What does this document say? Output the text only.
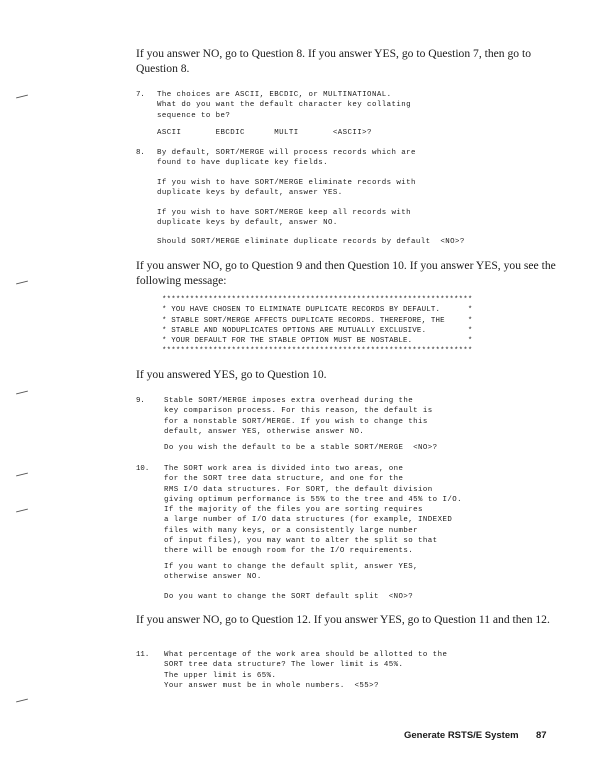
If you answer NO, go to Question 8. If you answer YES, go to Question 7, then go to Question 8.

7. The choices are ASCII, EBCDIC, or MULTINATIONAL.
What do you want the default character key collating
sequence to be?

ASCII       EBCDIC      MULTI       <ASCII>?

8. By default, SORT/MERGE will process records which are
found to have duplicate key fields.

If you wish to have SORT/MERGE eliminate records with
duplicate keys by default, answer YES.

If you wish to have SORT/MERGE keep all records with
duplicate keys by default, answer NO.

Should SORT/MERGE eliminate duplicate records by default  <NO>?

If you answer NO, go to Question 9 and then Question 10. If you answer YES, you see the following message:

*******************************************************************
* YOU HAVE CHOSEN TO ELIMINATE DUPLICATE RECORDS BY DEFAULT.      *
* STABLE SORT/MERGE AFFECTS DUPLICATE RECORDS. THEREFORE, THE     *
* STABLE AND NODUPLICATES OPTIONS ARE MUTUALLY EXCLUSIVE.         *
* YOUR DEFAULT FOR THE STABLE OPTION MUST BE NOSTABLE.            *
*******************************************************************

If you answered YES, go to Question 10.

9.	Stable SORT/MERGE imposes extra overhead during the
key comparison process. For this reason, the default is
for a nonstable SORT/MERGE. If you wish to change this
default, answer YES, otherwise answer NO.

Do you wish the default to be a stable SORT/MERGE  <NO>?

10. The SORT work area is divided into two areas, one
for the SORT tree data structure, and one for the
RMS I/O data structures. For SORT, the default division
giving optimum performance is 55% to the tree and 45% to I/O.
If the majority of the files you are sorting requires
a large number of I/O data structures (for example, INDEXED
files with many keys, or a consistently large number
of input files), you may want to alter the split so that
there will be enough room for the I/O requirements.

If you want to change the default split, answer YES,
otherwise answer NO.

Do you want to change the SORT default split  <NO>?

If you answer NO, go to Question 12. If you answer YES, go to Question 11 and then 12.

11. What percentage of the work area should be allotted to the
SORT tree data structure? The lower limit is 45%.
The upper limit is 65%.
Your answer must be in whole numbers.  <55>?

Generate RSTS/E System 87
